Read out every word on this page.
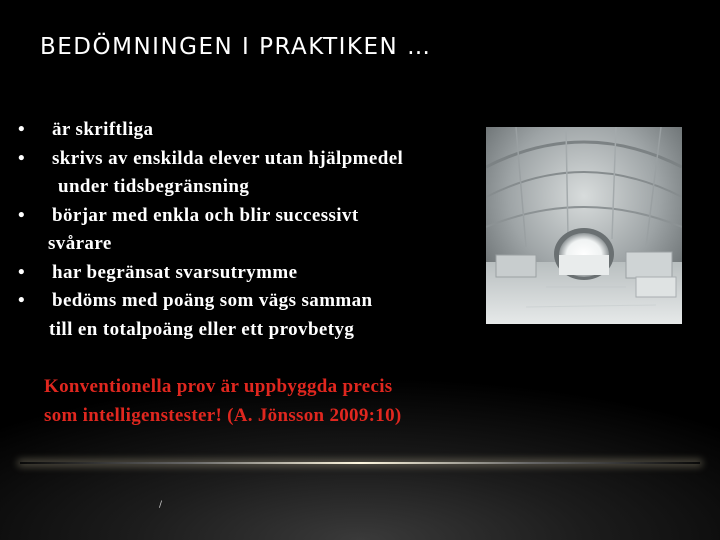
BEDÖMNINGEN I PRAKTIKEN …
• är skriftliga
• skrivs av enskilda elever utan hjälpmedel
under tidsbegränsning
• börjar med enkla och blir successivt
svårare
• har begränsat svarsutrymme
• bedöms med poäng som vägs samman
till en totalpoäng eller ett provbetyg
Konventionella prov är uppbyggda precis
som intelligenstester! (A. Jönsson 2009:10)
/
